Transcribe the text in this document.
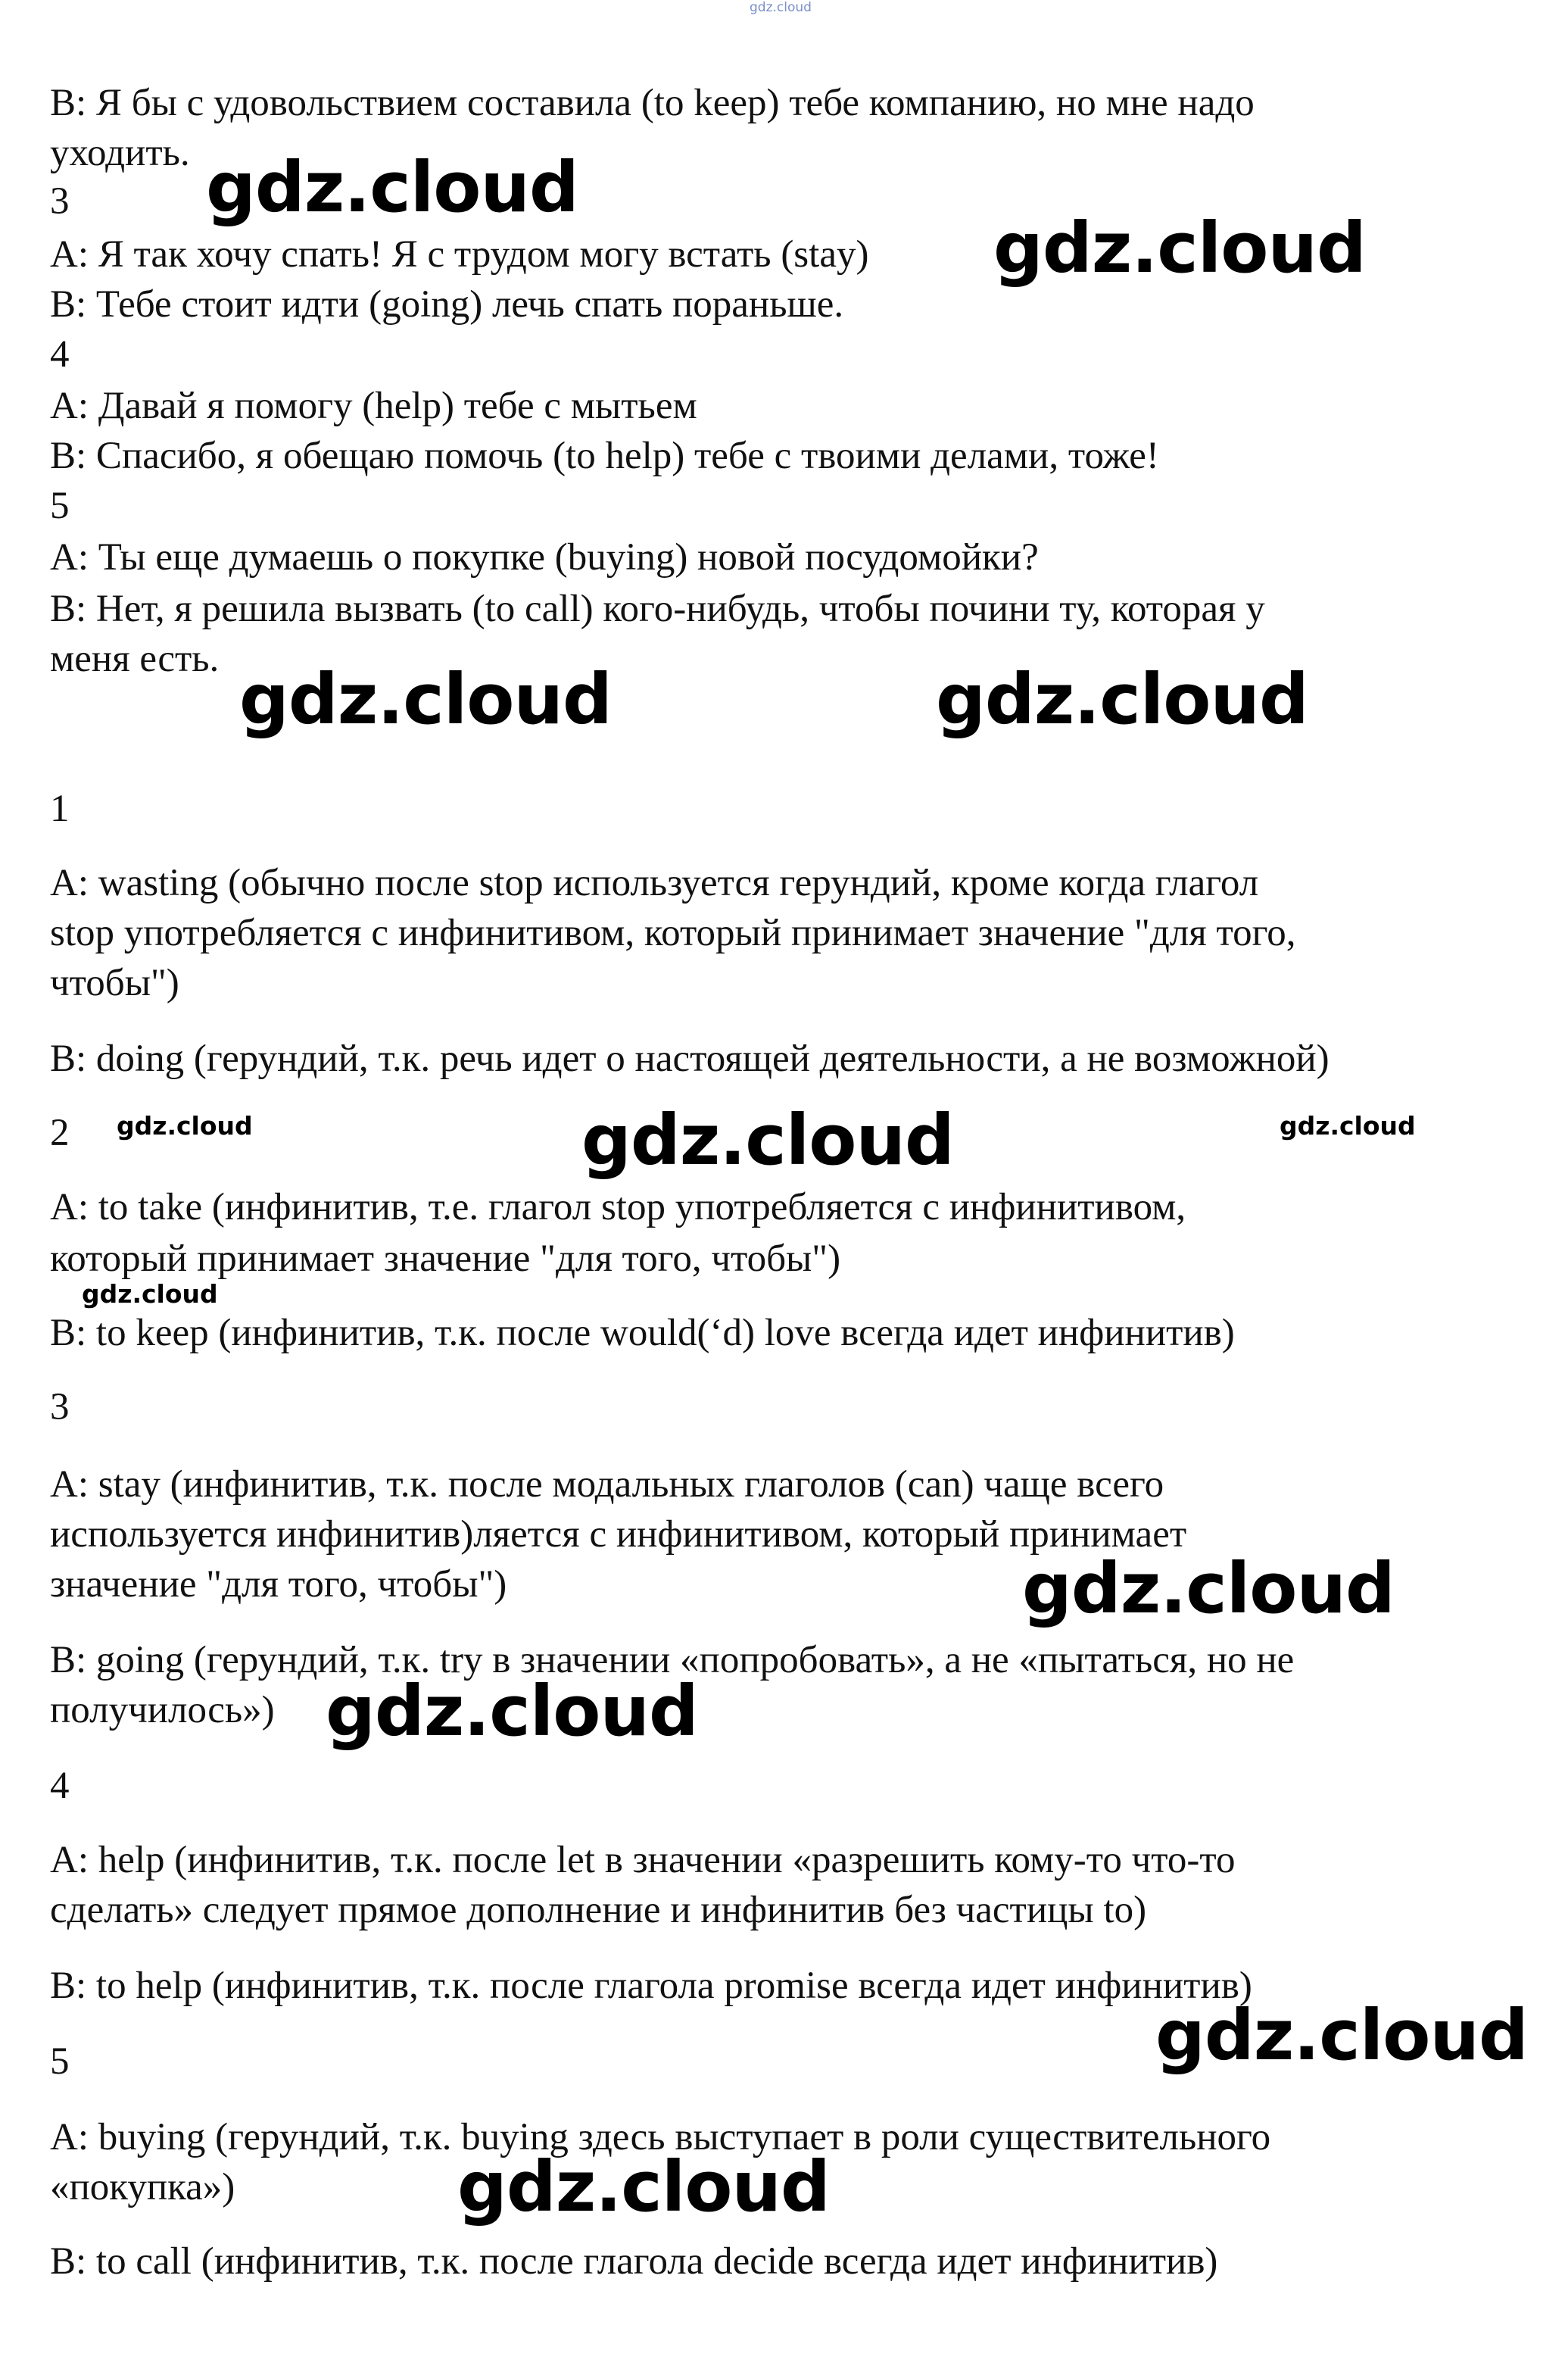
gdz.cloud
B: Я бы с удовольствием составила (to keep) тебе компанию, но мне надо
уходить.
3
A: Я так хочу спать! Я с трудом могу встать (stay)
B: Тебе стоит идти (going) лечь спать пораньше.
4
A: Давай я помогу (help) тебе с мытьем
B: Спасибо, я обещаю помочь (to help) тебе с твоими делами, тоже!
5
A: Ты еще думаешь о покупке (buying) новой посудомойки?
B: Нет, я решила вызвать (to call) кого-нибудь, чтобы почини ту, которая у
меня есть.
1
A: wasting (обычно после stop используется герундий, кроме когда глагол
stop употребляется с инфинитивом, который принимает значение "для того,
чтобы")
B: doing (герундий, т.к. речь идет о настоящей деятельности, а не возможной)
2
A: to take (инфинитив, т.е. глагол stop употребляется с инфинитивом,
который принимает значение "для того, чтобы")
B: to keep (инфинитив, т.к. после would(‘d) love всегда идет инфинитив)
3
A: stay (инфинитив, т.к. после модальных глаголов (can) чаще всего
используется инфинитив)ляется с инфинитивом, который принимает
значение "для того, чтобы")
B: going (герундий, т.к. try в значении «попробовать», а не «пытаться, но не
получилось»)
4
A: help (инфинитив, т.к. после let в значении «разрешить кому-то что-то
сделать» следует прямое дополнение и инфинитив без частицы to)
B: to help (инфинитив, т.к. после глагола promise всегда идет инфинитив)
5
A: buying (герундий, т.к. buying здесь выступает в роли существительного
«покупка»)
B: to call (инфинитив, т.к. после глагола decide всегда идет инфинитив)
gdz.cloud
gdz.cloud
gdz.cloud	gdz.cloud
gdz.cloud	gdz.cloud	gdz.cloud
gdz.cloud
gdz.cloud
gdz.cloud
gdz.cloud
gdz.cloud
